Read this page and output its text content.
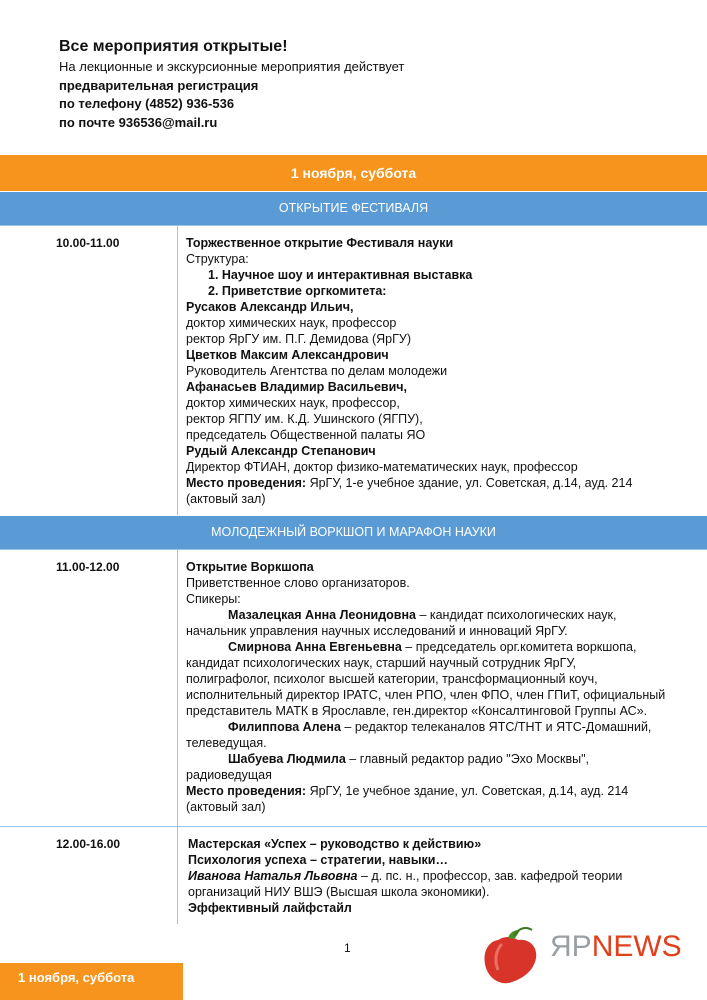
Все мероприятия открытые!
На лекционные и экскурсионные мероприятия действует
предварительная регистрация
по телефону (4852) 936-536
по почте 936536@mail.ru
1 ноября, суббота
ОТКРЫТИЕ ФЕСТИВАЛЯ
10.00-11.00	Торжественное открытие Фестиваля науки
Структура:
1. Научное шоу и интерактивная выставка
2. Приветствие оргкомитета:
Русаков Александр Ильич,
доктор химических наук, профессор
ректор ЯрГУ им. П.Г. Демидова (ЯрГУ)
Цветков Максим Александрович
Руководитель Агентства по делам молодежи
Афанасьев Владимир Васильевич,
доктор химических наук, профессор,
ректор ЯГПУ им. К.Д. Ушинского (ЯГПУ),
председатель Общественной палаты ЯО
Рудый Александр Степанович
Директор ФТИАН, доктор физико-математических наук, профессор
Место проведения: ЯрГУ, 1-е учебное здание, ул. Советская, д.14, ауд. 214
(актовый зал)
МОЛОДЕЖНЫЙ ВОРКШОП И МАРАФОН НАУКИ
11.00-12.00	Открытие Воркшопа
Приветственное слово организаторов.
Спикеры:
Мазалецкая Анна Леонидовна – кандидат психологических наук,
начальник управления научных исследований и инноваций ЯрГУ.
Смирнова Анна Евгеньевна – председатель орг.комитета воркшопа,
кандидат психологических наук, старший научный сотрудник ЯрГУ,
полиграфолог, психолог высшей категории, трансформационный коуч,
исполнительный директор IPATC, член РПО, член ФПО, член ГПиТ, официальный
представитель МАТК в Ярославле, ген.директор «Консалтинговой Группы АС».
Филиппова Алена – редактор телеканалов ЯТС/ТНТ и ЯТС-Домашний,
телеведущая.
Шабуева Людмила – главный редактор радио "Эхо Москвы",
радиоведущая
Место проведения: ЯрГУ, 1е учебное здание, ул. Советская, д.14, ауд. 214
(актовый зал)
12.00-16.00	Мастерская «Успех – руководство к действию»
Психология успеха – стратегии, навыки…
Иванова Наталья Львовна – д. пс. н., профессор, зав. кафедрой теории
организаций НИУ ВШЭ (Высшая школа экономики).
Эффективный лайфстайл
1
1 ноября, суббота
ЯРNEWS
